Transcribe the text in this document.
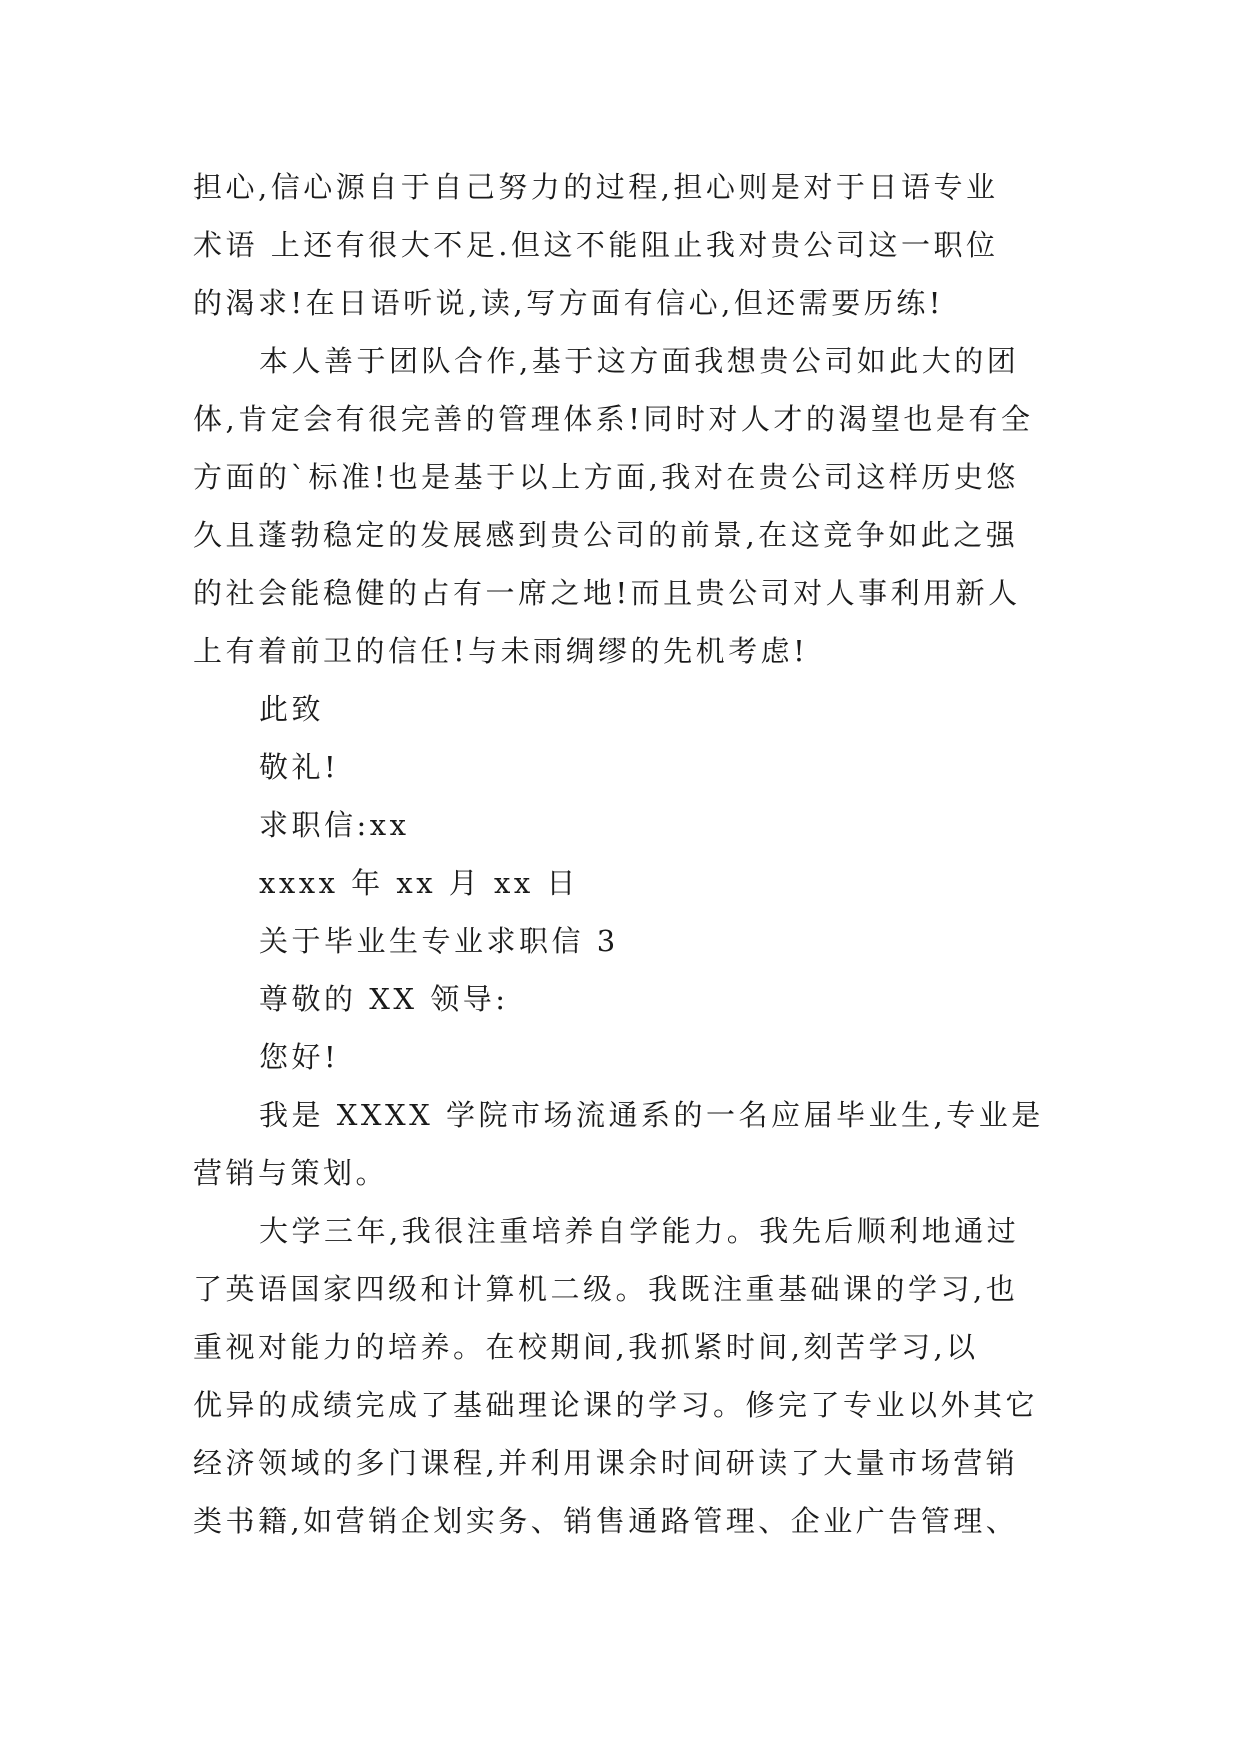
担心,信心源自于自己努力的过程,担心则是对于日语专业
术语 上还有很大不足.但这不能阻止我对贵公司这一职位
的渴求!在日语听说,读,写方面有信心,但还需要历练!
本人善于团队合作,基于这方面我想贵公司如此大的团
体,肯定会有很完善的管理体系!同时对人才的渴望也是有全
方面的`标准!也是基于以上方面,我对在贵公司这样历史悠
久且蓬勃稳定的发展感到贵公司的前景,在这竞争如此之强
的社会能稳健的占有一席之地!而且贵公司对人事利用新人
上有着前卫的信任!与未雨绸缪的先机考虑!
此致
敬礼!
求职信:xx
xxxx 年 xx 月 xx 日
关于毕业生专业求职信 3
尊敬的 XX 领导:
您好!
我是 XXXX 学院市场流通系的一名应届毕业生,专业是
营销与策划。
大学三年,我很注重培养自学能力。我先后顺利地通过
了英语国家四级和计算机二级。我既注重基础课的学习,也
重视对能力的培养。在校期间,我抓紧时间,刻苦学习,以
优异的成绩完成了基础理论课的学习。修完了专业以外其它
经济领域的多门课程,并利用课余时间研读了大量市场营销
类书籍,如营销企划实务、销售通路管理、企业广告管理、
